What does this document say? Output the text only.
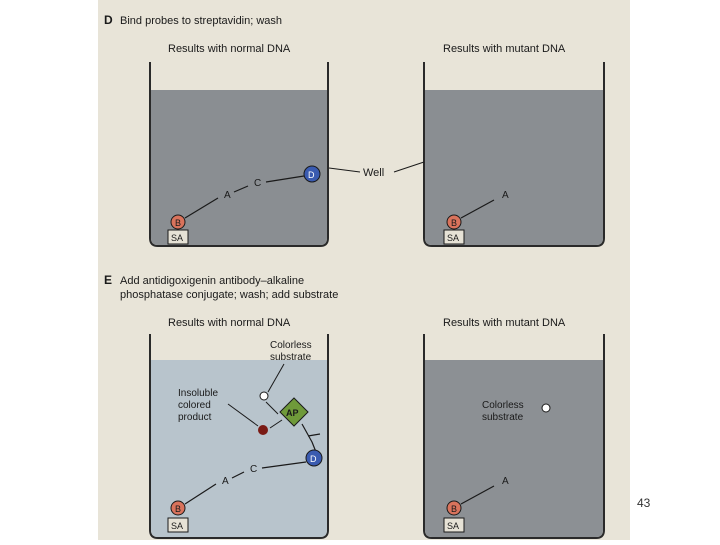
D Bind probes to streptavidin; wash
Results with normal DNA	Results with mutant DNA
Well
SA
B
A
C
D
SA
B
A
E Add antidigoxigenin antibody–alkaline
phosphatase conjugate; wash; add substrate
Results with normal DNA	Results with mutant DNA
Colorless
substrate
Insoluble
colored
product	AP
SA
B
A
C
D
Colorless
substrate
SA
B
A
43
